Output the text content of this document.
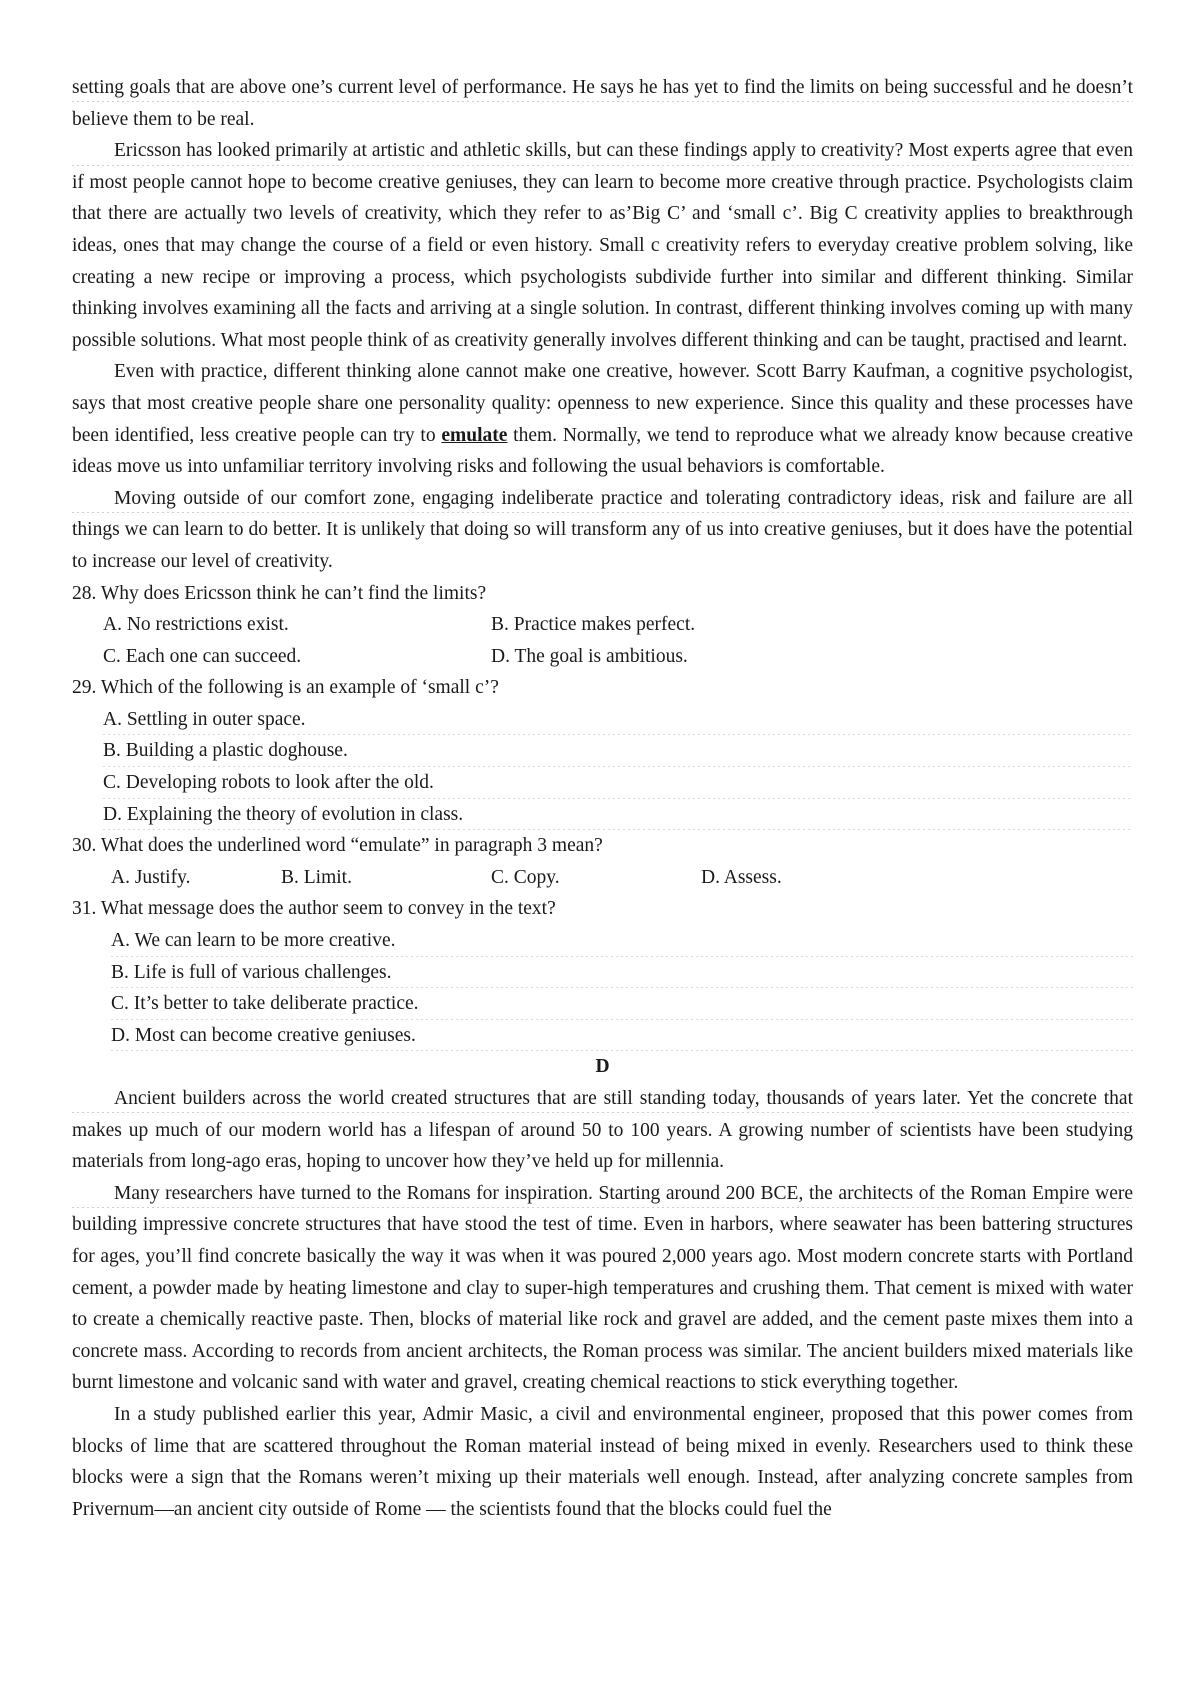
setting goals that are above one’s current level of performance. He says he has yet to find the limits on being successful and he doesn’t believe them to be real.

Ericsson has looked primarily at artistic and athletic skills, but can these findings apply to creativity? Most experts agree that even if most people cannot hope to become creative geniuses, they can learn to become more creative through practice. Psychologists claim that there are actually two levels of creativity, which they refer to as’Big C’ and ‘small c’. Big C creativity applies to breakthrough ideas, ones that may change the course of a field or even history. Small c creativity refers to everyday creative problem solving, like creating a new recipe or improving a process, which psychologists subdivide further into similar and different thinking. Similar thinking involves examining all the facts and arriving at a single solution. In contrast, different thinking involves coming up with many possible solutions. What most people think of as creativity generally involves different thinking and can be taught, practised and learnt.

Even with practice, different thinking alone cannot make one creative, however. Scott Barry Kaufman, a cognitive psychologist, says that most creative people share one personality quality: openness to new experience. Since this quality and these processes have been identified, less creative people can try to emulate them. Normally, we tend to reproduce what we already know because creative ideas move us into unfamiliar territory involving risks and following the usual behaviors is comfortable.

Moving outside of our comfort zone, engaging indeliberate practice and tolerating contradictory ideas, risk and failure are all things we can learn to do better. It is unlikely that doing so will transform any of us into creative geniuses, but it does have the potential to increase our level of creativity.

28. Why does Ericsson think he can’t find the limits?

A. No restrictions exist.	B. Practice makes perfect.

C. Each one can succeed.	D. The goal is ambitious.

29. Which of the following is an example of ‘small c’?

A. Settling in outer space.

B. Building a plastic doghouse.

C. Developing robots to look after the old.

D. Explaining the theory of evolution in class.

30. What does the underlined word “emulate” in paragraph 3 mean?

A. Justify.	B. Limit.	C. Copy.	D. Assess.

31. What message does the author seem to convey in the text?

A. We can learn to be more creative.

B. Life is full of various challenges.

C. It’s better to take deliberate practice.

D. Most can become creative geniuses.

D

Ancient builders across the world created structures that are still standing today, thousands of years later. Yet the concrete that makes up much of our modern world has a lifespan of around 50 to 100 years. A growing number of scientists have been studying materials from long-ago eras, hoping to uncover how they’ve held up for millennia.

Many researchers have turned to the Romans for inspiration. Starting around 200 BCE, the architects of the Roman Empire were building impressive concrete structures that have stood the test of time. Even in harbors, where seawater has been battering structures for ages, you’ll find concrete basically the way it was when it was poured 2,000 years ago. Most modern concrete starts with Portland cement, a powder made by heating limestone and clay to super-high temperatures and crushing them. That cement is mixed with water to create a chemically reactive paste. Then, blocks of material like rock and gravel are added, and the cement paste mixes them into a concrete mass. According to records from ancient architects, the Roman process was similar. The ancient builders mixed materials like burnt limestone and volcanic sand with water and gravel, creating chemical reactions to stick everything together.

In a study published earlier this year, Admir Masic, a civil and environmental engineer, proposed that this power comes from blocks of lime that are scattered throughout the Roman material instead of being mixed in evenly. Researchers used to think these blocks were a sign that the Romans weren’t mixing up their materials well enough. Instead, after analyzing concrete samples from Privernum—an ancient city outside of Rome — the scientists found that the blocks could fuel the
